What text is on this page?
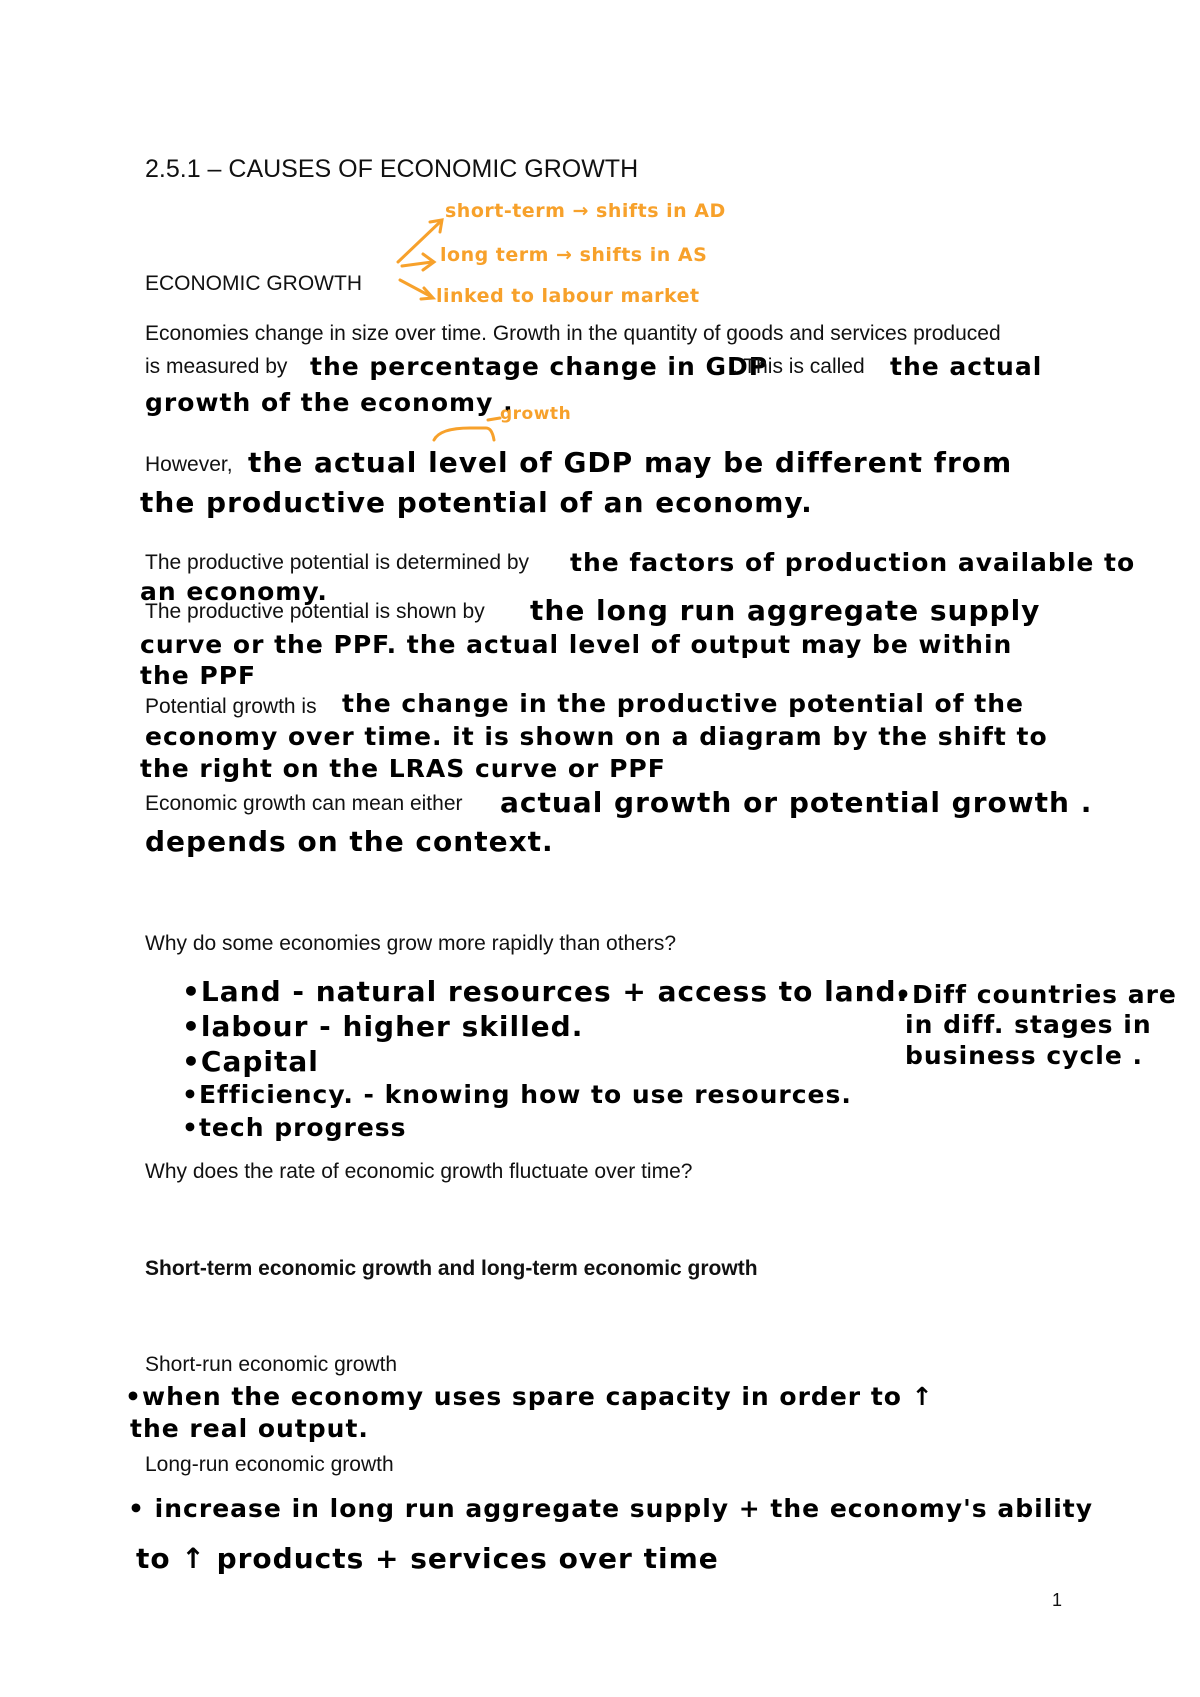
2.5.1 – CAUSES OF ECONOMIC GROWTH
short-term → shifts in AD
long term → shifts in AS
ECONOMIC GROWTH
linked to labour market
Economies change in size over time. Growth in the quantity of goods and services produced
is measured by the percentage change in GDP
. This is called the actual
growth of the economy .
growth
However, the actual level of GDP may be different from
the productive potential of an economy.
The productive potential is determined by the factors of production available to
an economy.
The productive potential is shown by the long run aggregate supply
curve or the PPF. the actual level of output may be within
the PPF
Potential growth is the change in the productive potential of the
economy over time. it is shown on a diagram by the shift to
the right on the LRAS curve or PPF
Economic growth can mean either actual growth or potential growth .
depends on the context.
Why do some economies grow more rapidly than others?
•Land - natural resources + access to land.
•labour - higher skilled.
•Capital
•Efficiency. - knowing how to use resources.
•tech progress
•Diff countries are
in diff. stages in
business cycle .
Why does the rate of economic growth fluctuate over time?
Short-term economic growth and long-term economic growth
Short-run economic growth
•when the economy uses spare capacity in order to ↑
the real output.
Long-run economic growth
• increase in long run aggregate supply + the economy's ability
to ↑ products + services over time
1
